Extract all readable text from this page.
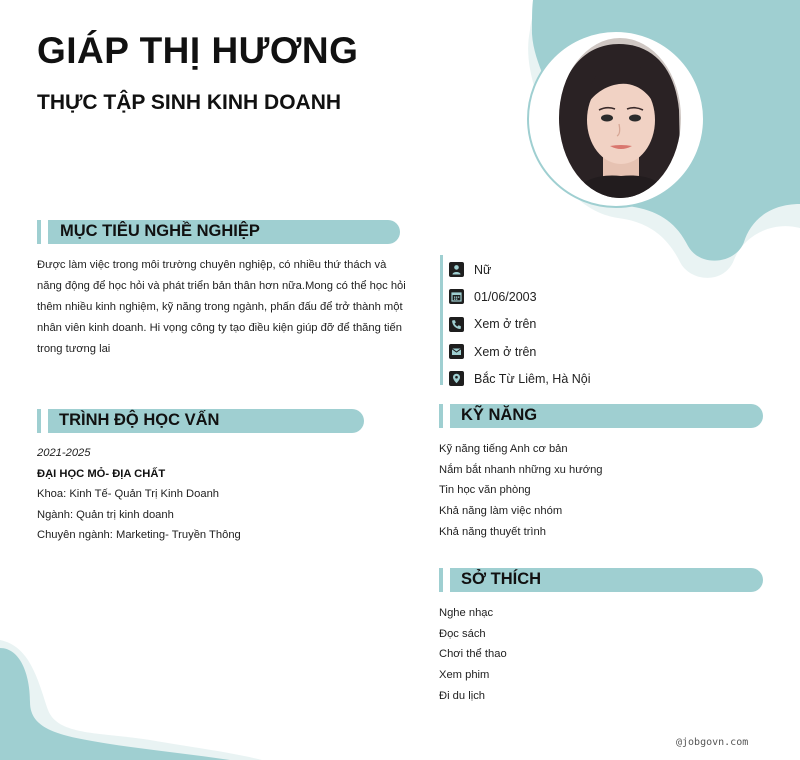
GIÁP THỊ HƯƠNG
THỰC TẬP SINH KINH DOANH
MỤC TIÊU NGHỀ NGHIỆP
Được làm việc trong môi trường chuyên nghiệp, có nhiều thứ thách và năng động để học hỏi và phát triển bản thân hơn nữa.Mong có thể học hỏi thêm nhiều kinh nghiệm, kỹ năng trong ngành, phấn đấu để trở thành một nhân viên kinh doanh. Hi vọng công ty tạo điều kiện giúp đỡ để thăng tiến trong tương lai
TRÌNH ĐỘ HỌC VẤN
2021-2025
ĐẠI HỌC MỎ- ĐỊA CHẤT
Khoa: Kinh Tế- Quản Trị Kinh Doanh
Ngành: Quản trị kinh doanh
Chuyên ngành: Marketing- Truyền Thông
Nữ
01/06/2003
Xem ở trên
Xem ở trên
Bắc Từ Liêm, Hà Nội
KỸ NĂNG
Kỹ năng tiếng Anh cơ bản
Nắm bắt nhanh những xu hướng
Tin học văn phòng
Khả năng làm việc nhóm
Khả năng thuyết trình
SỞ THÍCH
Nghe nhạc
Đọc sách
Chơi thể thao
Xem phim
Đi du lịch
@jobgovn.com
